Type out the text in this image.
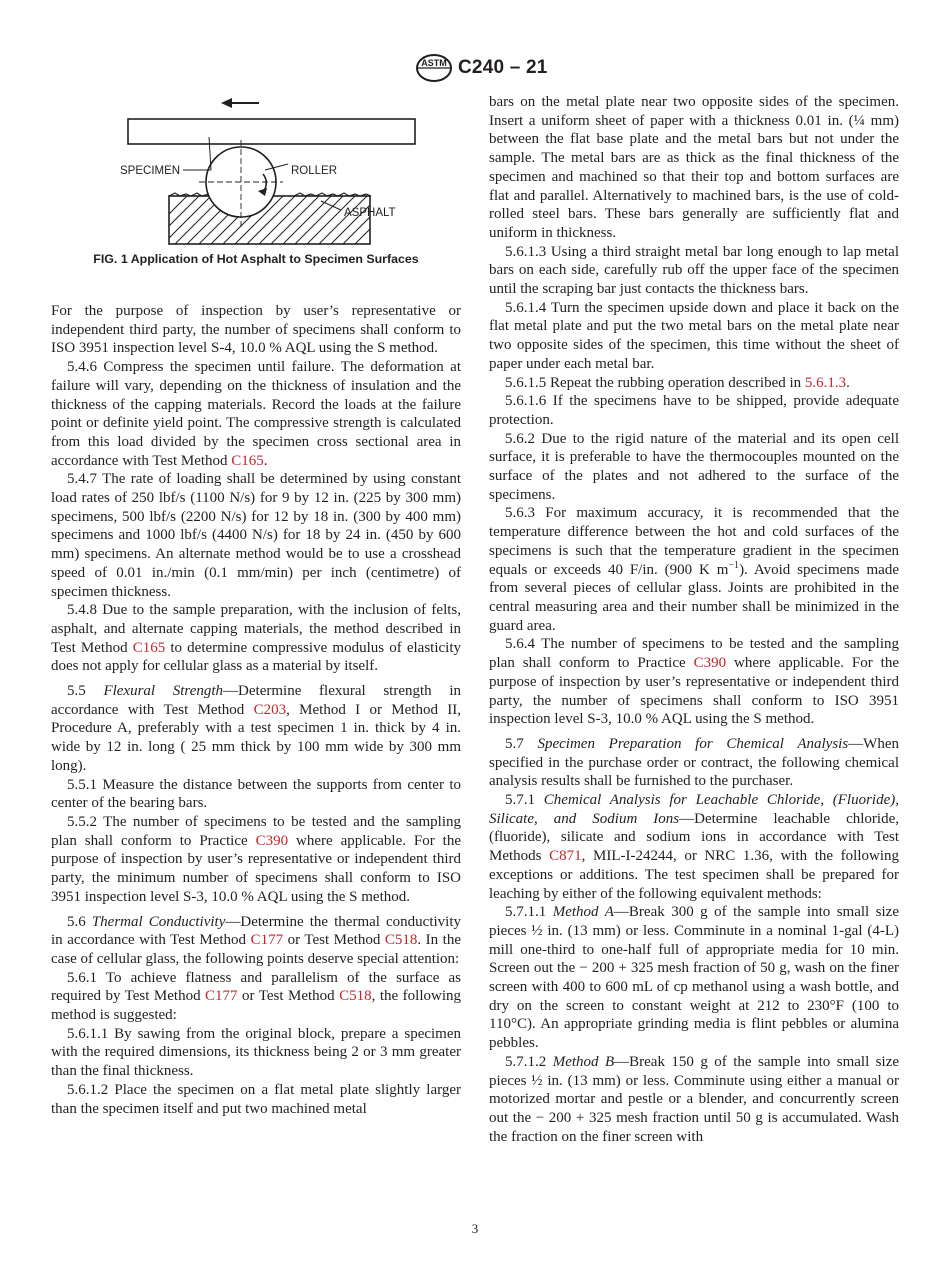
ASTM C240 – 21
SPECIMEN	ROLLER
ASPHALT
FIG. 1 Application of Hot Asphalt to Specimen Surfaces

For the purpose of inspection by user’s representative or independent third party, the number of specimens shall conform to ISO 3951 inspection level S-4, 10.0 % AQL using the S method.

5.4.6 Compress the specimen until failure. The deformation at failure will vary, depending on the thickness of insulation and the thickness of the capping materials. Record the loads at the failure point or definite yield point. The compressive strength is calculated from this load divided by the specimen cross sectional area in accordance with Test Method C165.

5.4.7 The rate of loading shall be determined by using constant load rates of 250 lbf/s (1100 N/s) for 9 by 12 in. (225 by 300 mm) specimens, 500 lbf/s (2200 N/s) for 12 by 18 in. (300 by 400 mm) specimens and 1000 lbf/s (4400 N/s) for 18 by 24 in. (450 by 600 mm) specimens. An alternate method would be to use a crosshead speed of 0.01 in./min (0.1 mm/min) per inch (centimetre) of specimen thickness.

5.4.8 Due to the sample preparation, with the inclusion of felts, asphalt, and alternate capping materials, the method described in Test Method C165 to determine compressive modulus of elasticity does not apply for cellular glass as a material by itself.

5.5 Flexural Strength—Determine flexural strength in accordance with Test Method C203, Method I or Method II, Procedure A, preferably with a test specimen 1 in. thick by 4 in. wide by 12 in. long ( 25 mm thick by 100 mm wide by 300 mm long).

5.5.1 Measure the distance between the supports from center to center of the bearing bars.

5.5.2 The number of specimens to be tested and the sampling plan shall conform to Practice C390 where applicable. For the purpose of inspection by user’s representative or independent third party, the minimum number of specimens shall conform to ISO 3951 inspection level S-3, 10.0 % AQL using the S method.

5.6 Thermal Conductivity—Determine the thermal conductivity in accordance with Test Method C177 or Test Method C518. In the case of cellular glass, the following points deserve special attention:

5.6.1 To achieve flatness and parallelism of the surface as required by Test Method C177 or Test Method C518, the following method is suggested:

5.6.1.1 By sawing from the original block, prepare a specimen with the required dimensions, its thickness being 2 or 3 mm greater than the final thickness.

5.6.1.2 Place the specimen on a flat metal plate slightly larger than the specimen itself and put two machined metal

bars on the metal plate near two opposite sides of the specimen. Insert a uniform sheet of paper with a thickness 0.01 in. (¼ mm) between the flat base plate and the metal bars but not under the sample. The metal bars are as thick as the final thickness of the specimen and machined so that their top and bottom surfaces are flat and parallel. Alternatively to machined bars, is the use of cold-rolled steel bars. These bars generally are sufficiently flat and uniform in thickness.

5.6.1.3 Using a third straight metal bar long enough to lap metal bars on each side, carefully rub off the upper face of the specimen until the scraping bar just contacts the thickness bars.

5.6.1.4 Turn the specimen upside down and place it back on the flat metal plate and put the two metal bars on the metal plate near two opposite sides of the specimen, this time without the sheet of paper under each metal bar.

5.6.1.5 Repeat the rubbing operation described in 5.6.1.3.

5.6.1.6 If the specimens have to be shipped, provide adequate protection.

5.6.2 Due to the rigid nature of the material and its open cell surface, it is preferable to have the thermocouples mounted on the surface of the plates and not adhered to the surface of the specimens.

5.6.3 For maximum accuracy, it is recommended that the temperature difference between the hot and cold surfaces of the specimens is such that the temperature gradient in the specimen equals or exceeds 40 F/in. (900 K $m^{-1}$). Avoid specimens made from several pieces of cellular glass. Joints are prohibited in the central measuring area and their number shall be minimized in the guard area.

5.6.4 The number of specimens to be tested and the sampling plan shall conform to Practice C390 where applicable. For the purpose of inspection by user’s representative or independent third party, the number of specimens shall conform to ISO 3951 inspection level S-3, 10.0 % AQL using the S method.

5.7 Specimen Preparation for Chemical Analysis—When specified in the purchase order or contract, the following chemical analysis results shall be furnished to the purchaser.

5.7.1 Chemical Analysis for Leachable Chloride, (Fluoride), Silicate, and Sodium Ions—Determine leachable chloride, (fluoride), silicate and sodium ions in accordance with Test Methods C871, MIL-I-24244, or NRC 1.36, with the following exceptions or additions. The test specimen shall be prepared for leaching by either of the following equivalent methods:

5.7.1.1 Method A—Break 300 g of the sample into small size pieces ½ in. (13 mm) or less. Comminute in a nominal 1-gal (4-L) mill one-third to one-half full of appropriate media for 10 min. Screen out the − 200 + 325 mesh fraction of 50 g, wash on the finer screen with 400 to 600 mL of cp methanol using a wash bottle, and dry on the screen to constant weight at 212 to 230°F (100 to 110°C). An appropriate grinding media is flint pebbles or alumina pebbles.

5.7.1.2 Method B—Break 150 g of the sample into small size pieces ½ in. (13 mm) or less. Comminute using either a manual or motorized mortar and pestle or a blender, and concurrently screen out the − 200 + 325 mesh fraction until 50 g is accumulated. Wash the fraction on the finer screen with

3
